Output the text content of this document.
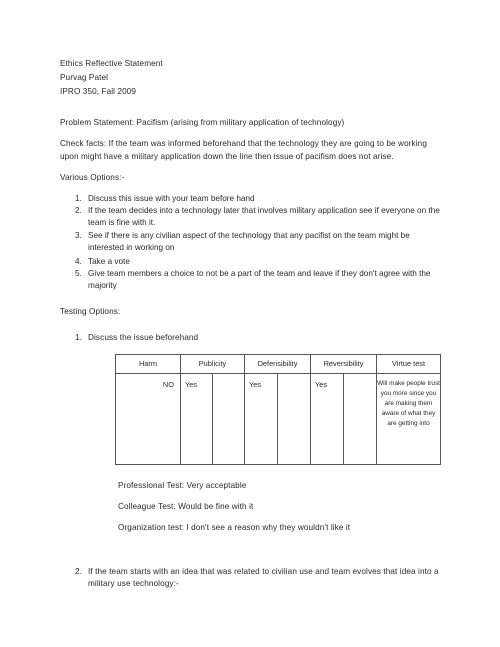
Ethics Reflective Statement
Purvag Patel
IPRO 350, Fall 2009
Problem Statement: Pacifism (arising from military application of technology)
Check facts: If the team was informed beforehand that the technology they are going to be working
upon might have a military application down the line then issue of pacifism does not arise.
Various Options:-
1. Discuss this issue with your team before hand
2. If the team decides into a technology later that involves military application see if everyone on the team is fine with it.
3. See if there is any civilian aspect of the technology that any pacifist on the team might be interested in working on
4. Take a vote
5. Give team members a choice to not be a part of the team and leave if they don't agree with the majority
Testing Options:
1. Discuss the issue beforehand
Harm	Publicity		Defensibility		Reversibility		Virtue test
NO	Yes		Yes		Yes		Will make people trust you more since you are making them aware of what they are getting into
Professional Test: Very acceptable
Colleague Test: Would be fine with it
Organization test: I don't see a reason why they wouldn't like it
2. If the team starts with an idea that was related to civilian use and team evolves that idea into a military use technology:-
